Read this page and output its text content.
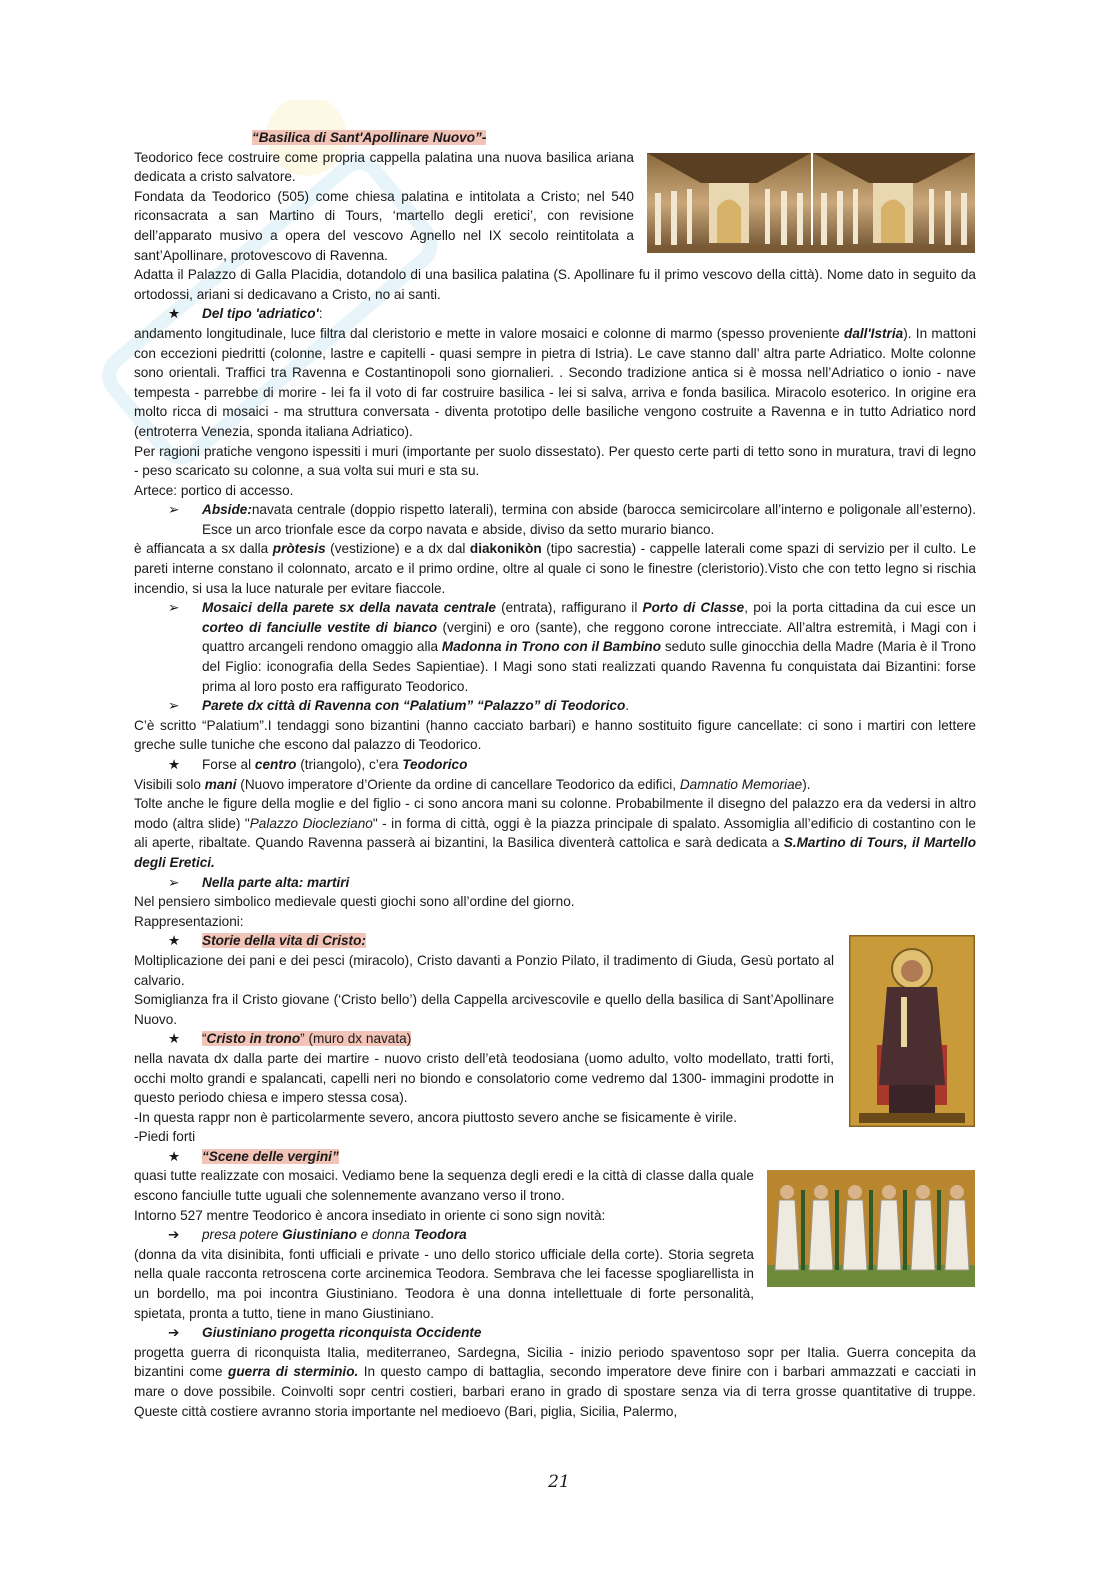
“Basilica di Sant'Apollinare Nuovo”-

Teodorico fece costruire come propria cappella palatina una nuova basilica ariana dedicata a cristo salvatore.

Fondata da Teodorico (505) come chiesa palatina e intitolata a Cristo; nel 540 riconsacrata a san Martino di Tours, ‘martello degli eretici’, con revisione dell’apparato musivo a opera del vescovo Agnello nel IX secolo reintitolata a sant’Apollinare, protovescovo di Ravenna.

Adatta il Palazzo di Galla Placidia, dotandolo di una basilica palatina (S. Apollinare fu il primo vescovo della città). Nome dato in seguito da ortodossi, ariani si dedicavano a Cristo, no ai santi.

★ Del tipo 'adriatico':

andamento longitudinale, luce filtra dal cleristorio e mette in valore mosaici e colonne di marmo (spesso proveniente dall'Istria). In mattoni con eccezioni piedritti (colonne, lastre e capitelli - quasi sempre in pietra di Istria). Le cave stanno dall’ altra parte Adriatico. Molte colonne sono orientali. Traffici tra Ravenna e Costantinopoli sono giornalieri. . Secondo tradizione antica si è mossa nell’Adriatico o ionio - nave tempesta - parrebbe di morire - lei fa il voto di far costruire basilica - lei si salva, arriva e fonda basilica. Miracolo esoterico. In origine era molto ricca di mosaici - ma struttura conversata - diventa prototipo delle basiliche vengono costruite a Ravenna e in tutto Adriatico nord (entroterra Venezia, sponda italiana Adriatico).

Per ragioni pratiche vengono ispessiti i muri (importante per suolo dissestato). Per questo certe parti di tetto sono in muratura, travi di legno - peso scaricato su colonne, a sua volta sui muri e sta su.

Artece: portico di accesso.

➢ Abside:navata centrale (doppio rispetto laterali), termina con abside (barocca semicircolare all’interno e poligonale all’esterno). Esce un arco trionfale esce da corpo navata e abside, diviso da setto murario bianco.

è affiancata a sx dalla pròtesis (vestizione) e a dx dal diakonikòn (tipo sacrestia) - cappelle laterali come spazi di servizio per il culto. Le pareti interne constano il colonnato, arcato e il primo ordine, oltre al quale ci sono le finestre (cleristorio).Visto che con tetto legno si rischia incendio, si usa la luce naturale per evitare fiaccole.

➢ Mosaici della parete sx della navata centrale (entrata), raffigurano il Porto di Classe, poi la porta cittadina da cui esce un corteo di fanciulle vestite di bianco (vergini) e oro (sante), che reggono corone intrecciate. All’altra estremità, i Magi con i quattro arcangeli rendono omaggio alla Madonna in Trono con il Bambino seduto sulle ginocchia della Madre (Maria è il Trono del Figlio: iconografia della Sedes Sapientiae). I Magi sono stati realizzati quando Ravenna fu conquistata dai Bizantini: forse prima al loro posto era raffigurato Teodorico.

➢ Parete dx città di Ravenna con “Palatium” “Palazzo” di Teodorico.

C’è scritto “Palatium”.I tendaggi sono bizantini (hanno cacciato barbari) e hanno sostituito figure cancellate: ci sono i martiri con lettere greche sulle tuniche che escono dal palazzo di Teodorico.

★ Forse al centro (triangolo), c’era Teodorico

Visibili solo mani (Nuovo imperatore d’Oriente da ordine di cancellare Teodorico da edifici, Damnatio Memoriae).

Tolte anche le figure della moglie e del figlio - ci sono ancora mani su colonne. Probabilmente il disegno del palazzo era da vedersi in altro modo (altra slide) "Palazzo Diocleziano" - in forma di città, oggi è la piazza principale di spalato. Assomiglia all’edificio di costantino con le ali aperte, ribaltate. Quando Ravenna passerà ai bizantini, la Basilica diventerà cattolica e sarà dedicata a S.Martino di Tours, il Martello degli Eretici.

➢ Nella parte alta: martiri

Nel pensiero simbolico medievale questi giochi sono all’ordine del giorno.

Rappresentazioni:

★ Storie della vita di Cristo:

Moltiplicazione dei pani e dei pesci (miracolo), Cristo davanti a Ponzio Pilato, il tradimento di Giuda, Gesù portato al calvario.

Somiglianza fra il Cristo giovane (‘Cristo bello’) della Cappella arcivescovile e quello della basilica di Sant’Apollinare Nuovo.

★ “Cristo in trono” (muro dx navata)

nella navata dx dalla parte dei martire - nuovo cristo dell’età teodosiana (uomo adulto, volto modellato, tratti forti, occhi molto grandi e spalancati, capelli neri no biondo e consolatorio come vedremo dal 1300- immagini prodotte in questo periodo chiesa e impero stessa cosa).

-In questa rappr non è particolarmente severo, ancora piuttosto severo anche se fisicamente è virile.

-Piedi forti

★ “Scene delle vergini”

quasi tutte realizzate con mosaici. Vediamo bene la sequenza degli eredi e la città di classe dalla quale escono fanciulle tutte uguali che solennemente avanzano verso il trono.

Intorno 527 mentre Teodorico è ancora insediato in oriente ci sono sign novità:

➔ presa potere Giustiniano e donna Teodora

(donna da vita disinibita, fonti ufficiali e private - uno dello storico ufficiale della corte). Storia segreta nella quale racconta retroscena corte arcinemica Teodora. Sembrava che lei facesse spogliarellista in un bordello, ma poi incontra Giustiniano. Teodora è una donna intellettuale di forte personalità, spietata, pronta a tutto, tiene in mano Giustiniano.

➔ Giustiniano progetta riconquista Occidente

progetta guerra di riconquista Italia, mediterraneo, Sardegna, Sicilia - inizio periodo spaventoso sopr per Italia. Guerra concepita da bizantini come guerra di sterminio. In questo campo di battaglia, secondo imperatore deve finire con i barbari ammazzati e cacciati in mare o dove possibile. Coinvolti sopr centri costieri, barbari erano in grado di spostare senza via di terra grosse quantitative di truppe. Queste città costiere avranno storia importante nel medioevo (Bari, piglia, Sicilia, Palermo,

21
